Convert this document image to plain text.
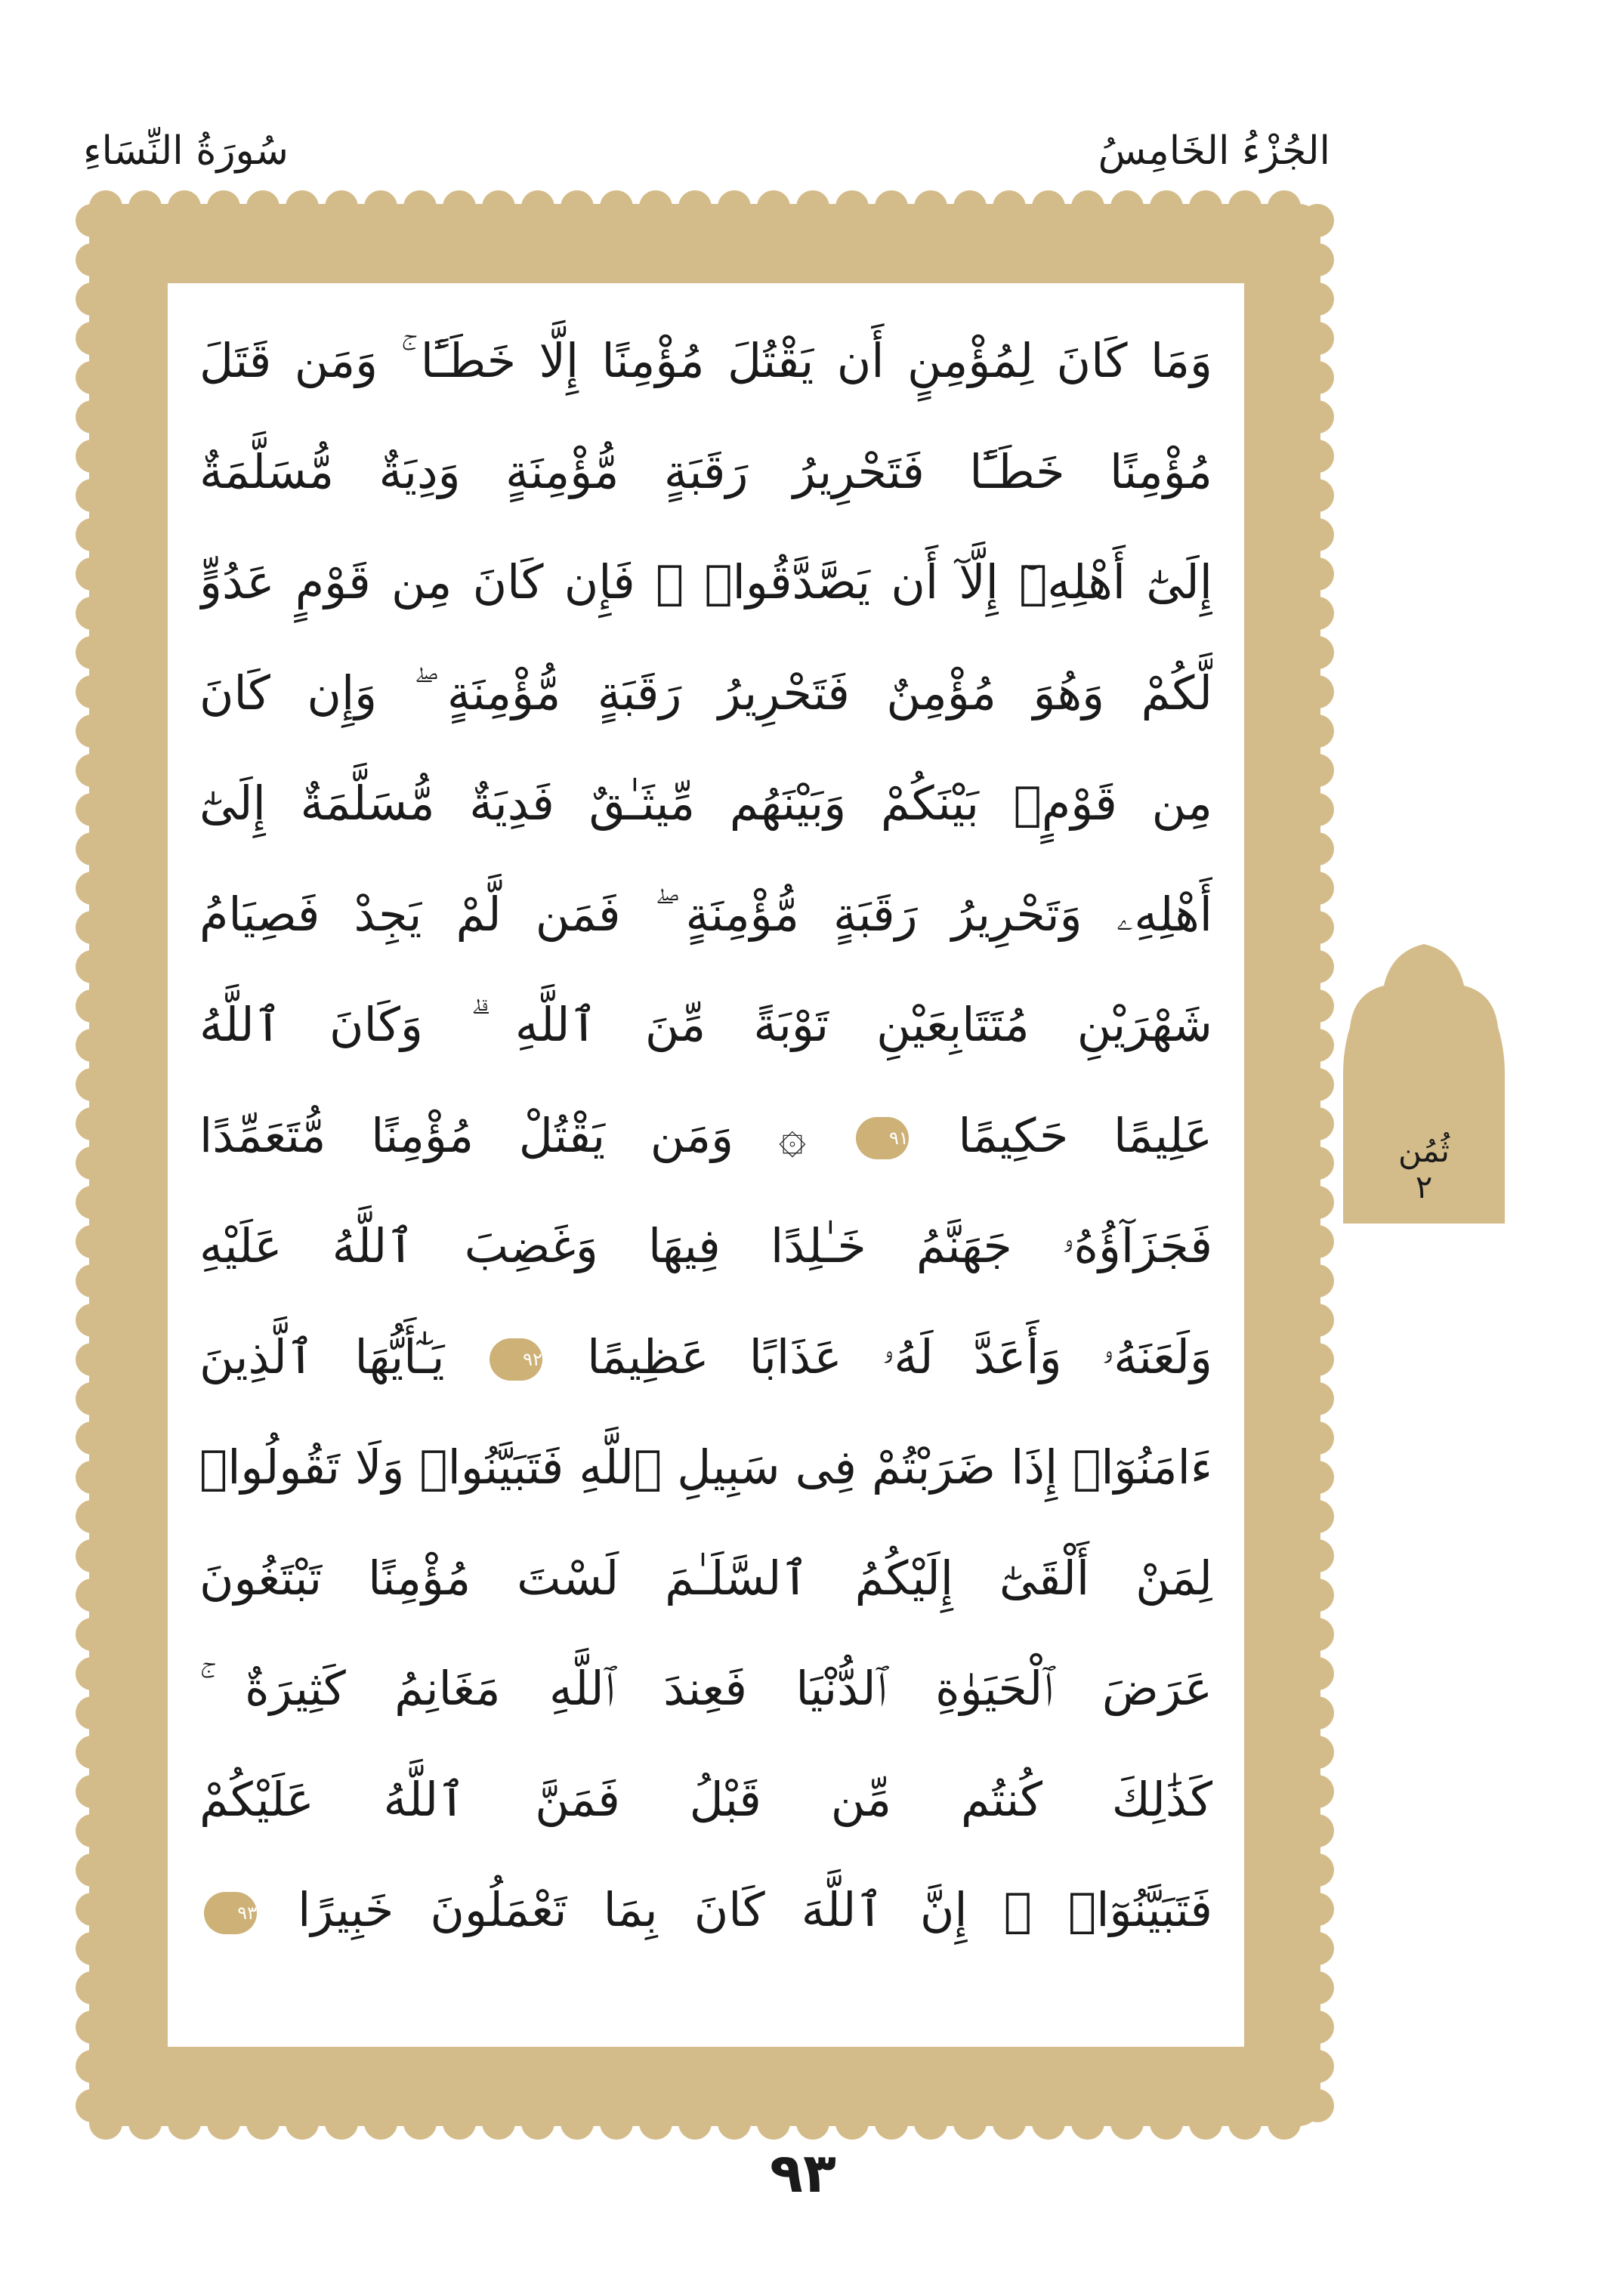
الجُزْءُ الخَامِسُ
سُورَةُ النِّسَاءِ
وَمَا كَانَ لِمُؤْمِنٍ أَن يَقْتُلَ مُؤْمِنًا إِلَّا خَطَـًٔا ۚ وَمَن قَتَلَ
مُؤْمِنًا خَطَـًٔا فَتَحْرِيرُ رَقَبَةٍ مُّؤْمِنَةٍ وَدِيَةٌ مُّسَلَّمَةٌ
إِلَىٰٓ أَهْلِهِۦٓ إِلَّآ أَن يَصَّدَّقُوا۟ ۚ فَإِن كَانَ مِن قَوْمٍ عَدُوٍّ
لَّكُمْ وَهُوَ مُؤْمِنٌ فَتَحْرِيرُ رَقَبَةٍ مُّؤْمِنَةٍ ۖ وَإِن كَانَ
مِن قَوْمٍۭ بَيْنَكُمْ وَبَيْنَهُم مِّيثَـٰقٌ فَدِيَةٌ مُّسَلَّمَةٌ إِلَىٰٓ
أَهْلِهِۦ وَتَحْرِيرُ رَقَبَةٍ مُّؤْمِنَةٍ ۖ فَمَن لَّمْ يَجِدْ فَصِيَامُ
شَهْرَيْنِ مُتَتَابِعَيْنِ تَوْبَةً مِّنَ ٱللَّهِ ۗ وَكَانَ ٱللَّهُ
عَلِيمًا حَكِيمًا ٩١ ۞ وَمَن يَقْتُلْ مُؤْمِنًا مُّتَعَمِّدًا
فَجَزَآؤُهُۥ جَهَنَّمُ خَـٰلِدًا فِيهَا وَغَضِبَ ٱللَّهُ عَلَيْهِ
وَلَعَنَهُۥ وَأَعَدَّ لَهُۥ عَذَابًا عَظِيمًا ٩٢ يَـٰٓأَيُّهَا ٱلَّذِينَ
ءَامَنُوٓا۟ إِذَا ضَرَبْتُمْ فِى سَبِيلِ ٱللَّهِ فَتَبَيَّنُوا۟ وَلَا تَقُولُوا۟
لِمَنْ أَلْقَىٰٓ إِلَيْكُمُ ٱلسَّلَـٰمَ لَسْتَ مُؤْمِنًا تَبْتَغُونَ
عَرَضَ ٱلْحَيَوٰةِ ٱلدُّنْيَا فَعِندَ ٱللَّهِ مَغَانِمُ كَثِيرَةٌ ۚ
كَذَٰلِكَ كُنتُم مِّن قَبْلُ فَمَنَّ ٱللَّهُ عَلَيْكُمْ
فَتَبَيَّنُوٓا۟ ۚ إِنَّ ٱللَّهَ كَانَ بِمَا تَعْمَلُونَ خَبِيرًا ٩٣
ثُمُن
٢
٩٣
